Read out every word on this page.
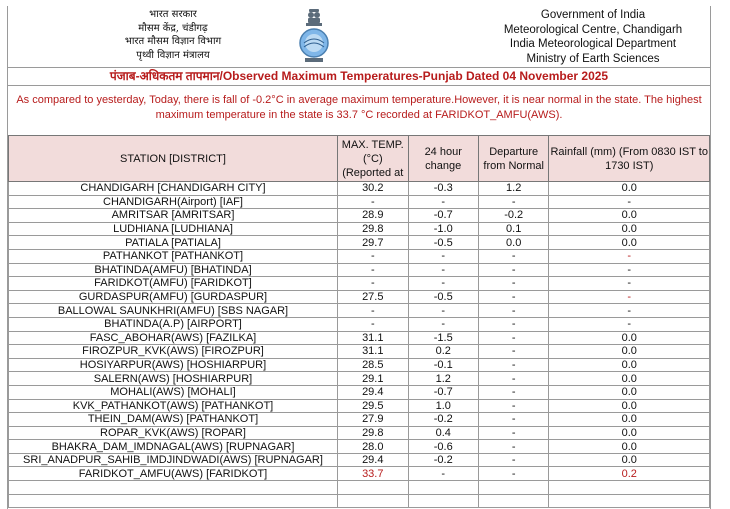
भारत सरकार
मौसम केंद्र, चंडीगढ़
भारत मौसम विज्ञान विभाग
पृथ्वी विज्ञान मंत्रालय
Government of India
Meteorological Centre, Chandigarh
India Meteorological Department
Ministry of Earth Sciences
पंजाब-अधिकतम तापमान/Observed Maximum Temperatures-Punjab Dated 04 November 2025
As compared to yesterday, Today, there is fall of -0.2°C in average maximum temperature.However, it is near normal in the state. The highest maximum temperature in the state is 33.7 °C recorded at FARIDKOT_AMFU(AWS).
STATION [DISTRICT]	MAX. TEMP.(°C) (Reported at	24 hour change	Departure from Normal	Rainfall (mm) (From 0830 IST to 1730 IST)
CHANDIGARH [CHANDIGARH CITY]	30.2	-0.3	1.2	0.0
CHANDIGARH(Airport) [IAF]	-	-	-	-
AMRITSAR [AMRITSAR]	28.9	-0.7	-0.2	0.0
LUDHIANA [LUDHIANA]	29.8	-1.0	0.1	0.0
PATIALA [PATIALA]	29.7	-0.5	0.0	0.0
PATHANKOT [PATHANKOT]	-	-	-	-
BHATINDA(AMFU) [BHATINDA]	-	-	-	-
FARIDKOT(AMFU) [FARIDKOT]	-	-	-	-
GURDASPUR(AMFU) [GURDASPUR]	27.5	-0.5	-	-
BALLOWAL SAUNKHRI(AMFU) [SBS NAGAR]	-	-	-	-
BHATINDA(A.P) [AIRPORT]	-	-	-	-
FASC_ABOHAR(AWS) [FAZILKA]	31.1	-1.5	-	0.0
FIROZPUR_KVK(AWS) [FIROZPUR]	31.1	0.2	-	0.0
HOSIYARPUR(AWS) [HOSHIARPUR]	28.5	-0.1	-	0.0
SALERN(AWS) [HOSHIARPUR]	29.1	1.2	-	0.0
MOHALI(AWS) [MOHALI]	29.4	-0.7	-	0.0
KVK_PATHANKOT(AWS) [PATHANKOT]	29.5	1.0	-	0.0
THEIN_DAM(AWS) [PATHANKOT]	27.9	-0.2	-	0.0
ROPAR_KVK(AWS) [ROPAR]	29.8	0.4	-	0.0
BHAKRA_DAM_IMDNAGAL(AWS) [RUPNAGAR]	28.0	-0.6	-	0.0
SRI_ANADPUR_SAHIB_IMDJINDWADI(AWS) [RUPNAGAR]	29.4	-0.2	-	0.0
FARIDKOT_AMFU(AWS) [FARIDKOT]	33.7	-	-	0.2
